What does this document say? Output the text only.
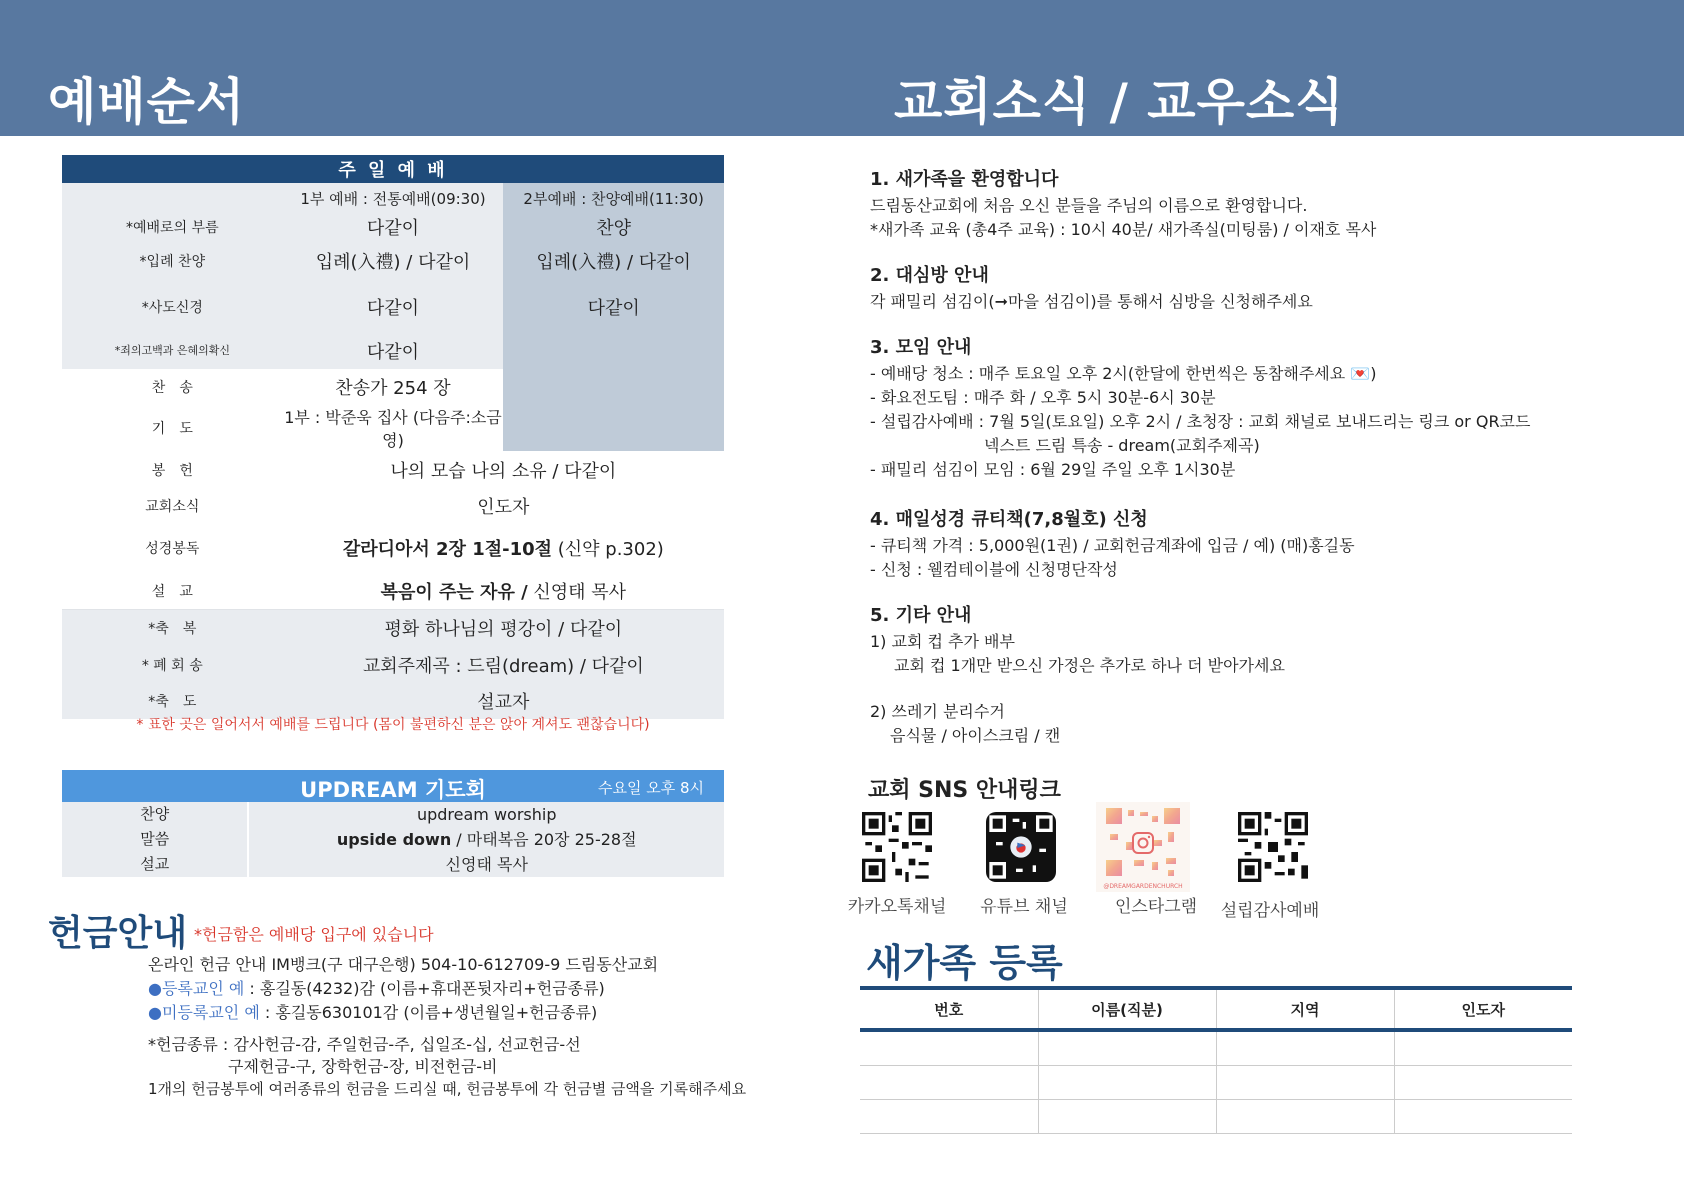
예배순서	교회소식 / 교우소식
주 일 예 배		
	1부 예배 : 전통예배(09:30)	2부예배 : 찬양예배(11:30)
*예배로의 부름	다같이	찬양
*입례 찬양	입례(入禮) / 다같이	입례(入禮) / 다같이
*사도신경	다같이	다같이
*죄의고백과 은혜의확신	다같이	
찬　송	찬송가 254 장	
기　도	1부 : 박준욱 집사 (다음주:소금영)	
봉　헌	나의 모습 나의 소유 / 다같이	
교회소식	인도자	
성경봉독	갈라디아서 2장 1절-10절 (신약 p.302)	
설　교	복음이 주는 자유 / 신영태 목사	
*축　복	평화 하나님의 평강이 / 다같이	
* 폐 회 송	교회주제곡 : 드림(dream) / 다같이	
*축　도	설교자	
* 표한 곳은 일어서서 예배를 드립니다 (몸이 불편하신 분은 앉아 계셔도 괜찮습니다)
UPDREAM 기도회	수요일 오후 8시
찬양	updream worship
말씀	upside down / 마태복음 20장 25-28절
설교	신영태 목사
헌금안내 *헌금함은 예배당 입구에 있습니다
온라인 헌금 안내 IM뱅크(구 대구은행) 504-10-612709-9 드림동산교회
●등록교인 예 : 홍길동(4232)감 (이름+휴대폰뒷자리+헌금종류)
●미등록교인 예 : 홍길동630101감 (이름+생년월일+헌금종류)
*헌금종류 : 감사헌금-감, 주일헌금-주, 십일조-십, 선교헌금-선
구제헌금-구, 장학헌금-장, 비전헌금-비
1개의 헌금봉투에 여러종류의 헌금을 드리실 때, 헌금봉투에 각 헌금별 금액을 기록해주세요
1. 새가족을 환영합니다
드림동산교회에 처음 오신 분들을 주님의 이름으로 환영합니다.
*새가족 교육 (총4주 교육) : 10시 40분/ 새가족실(미팅룸) / 이재호 목사
2. 대심방 안내
각 패밀리 섬김이(➞마을 섬김이)를 통해서 심방을 신청해주세요
3. 모임 안내
- 예배당 청소 : 매주 토요일 오후 2시(한달에 한번씩은 동참해주세요 💌)
- 화요전도팀 : 매주 화 / 오후 5시 30분-6시 30분
- 설립감사예배 : 7월 5일(토요일) 오후 2시 / 초청장 : 교회 채널로 보내드리는 링크 or QR코드
넥스트 드림 특송 - dream(교회주제곡)
- 패밀리 섬김이 모임 : 6월 29일 주일 오후 1시30분
4. 매일성경 큐티책(7,8월호) 신청
- 큐티책 가격 : 5,000원(1권) / 교회헌금계좌에 입금 / 예) (매)홍길동
- 신청 : 웰컴테이블에 신청명단작성
5. 기타 안내
1) 교회 컵 추가 배부
교회 컵 1개만 받으신 가정은 추가로 하나 더 받아가세요
2) 쓰레기 분리수거
음식물 / 아이스크림 / 캔
교회 SNS 안내링크
카카오톡채널	유튜브 채널
@DREAMGARDENCHURCH
인스타그램	설립감사예배
새가족 등록
번호	이름(직분)	지역	인도자
